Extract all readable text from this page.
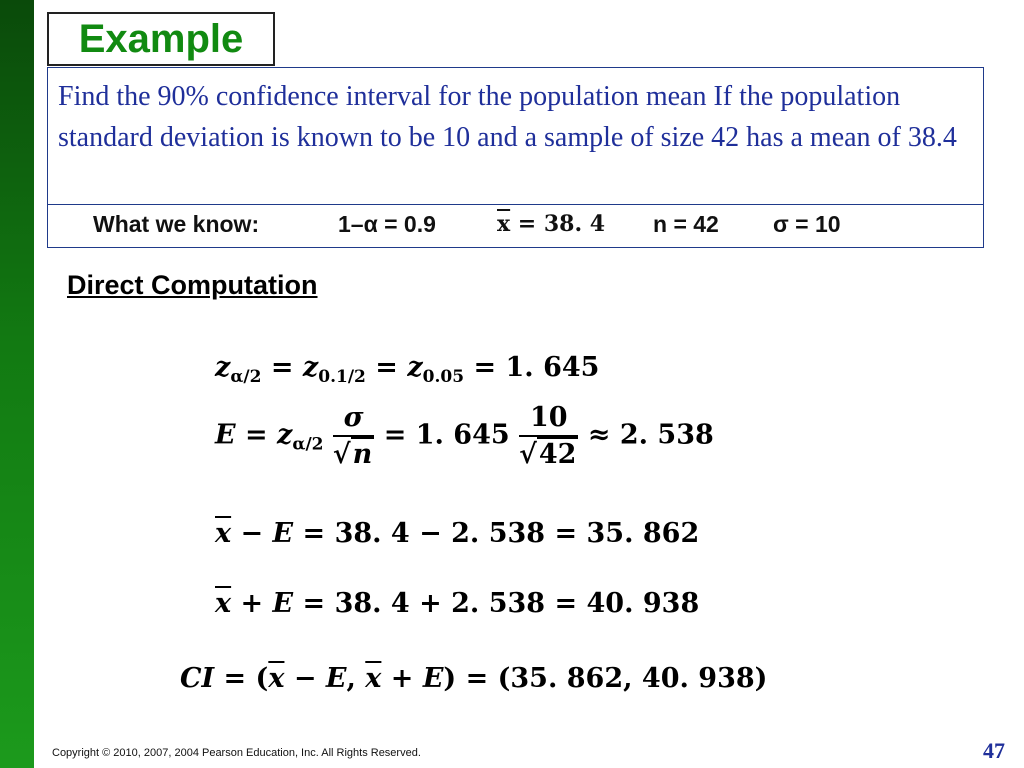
Example
Find the 90% confidence interval for the population mean If the population standard deviation is known to be 10 and a sample of size 42 has a mean of 38.4
What we know:	1–α = 0.9	$\overline{x} = 38$. 4 n = 42 σ = 10
Direct Computation
$z_{\alpha/2} = z_{0.1/2} = z_{0.05} = 1$. 645
$E = z_{\alpha/2} \frac{\sigma}{√n} = 1$. $645 \frac{10}{√42} \approx 2$. 538
$\overline{x} - E = 38$. 4 − 2. 538 = 35. 862
$\overline{x} + E = 38$. 4 + 2. 538 = 40. 938
CI = ($\overline{x} - E$, $\overline{x} + E) = (35$. 862, 40. 938)
Copyright © 2010, 2007, 2004 Pearson Education, Inc. All Rights Reserved.	47
